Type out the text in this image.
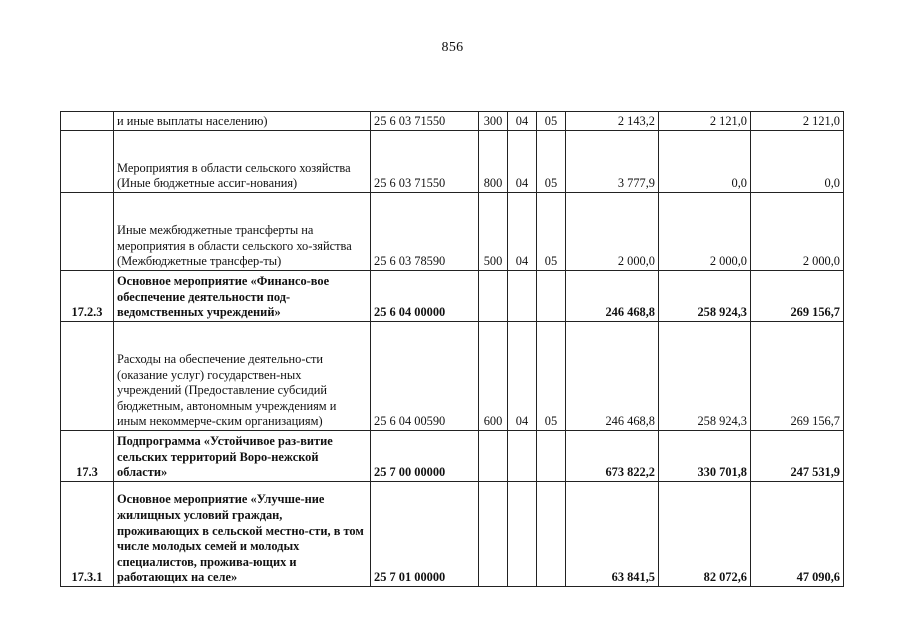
856
	и иные выплаты населению)	25 6 03 71550	300	04	05	2 143,2	2 121,0	2 121,0
	Мероприятия в области сельского хозяйства (Иные бюджетные ассиг-нования)	25 6 03 71550	800	04	05	3 777,9	0,0	0,0
	Иные межбюджетные трансферты на мероприятия в области сельского хо-зяйства (Межбюджетные трансфер-ты)	25 6 03 78590	500	04	05	2 000,0	2 000,0	2 000,0
17.2.3	Основное мероприятие «Финансо-вое обеспечение деятельности под-ведомственных учреждений»	25 6 04 00000				246 468,8	258 924,3	269 156,7
	Расходы на обеспечение деятельно-сти (оказание услуг) государствен-ных учреждений (Предоставление субсидий бюджетным, автономным учреждениям и иным некоммерче-ским организациям)	25 6 04 00590	600	04	05	246 468,8	258 924,3	269 156,7
17.3	Подпрограмма «Устойчивое раз-витие сельских территорий Воро-нежской области»	25 7 00 00000				673 822,2	330 701,8	247 531,9
17.3.1	Основное мероприятие «Улучше-ние жилищных условий граждан, проживающих в сельской местно-сти, в том числе молодых семей и молодых специалистов, прожива-ющих и работающих на селе»	25 7 01 00000				63 841,5	82 072,6	47 090,6
